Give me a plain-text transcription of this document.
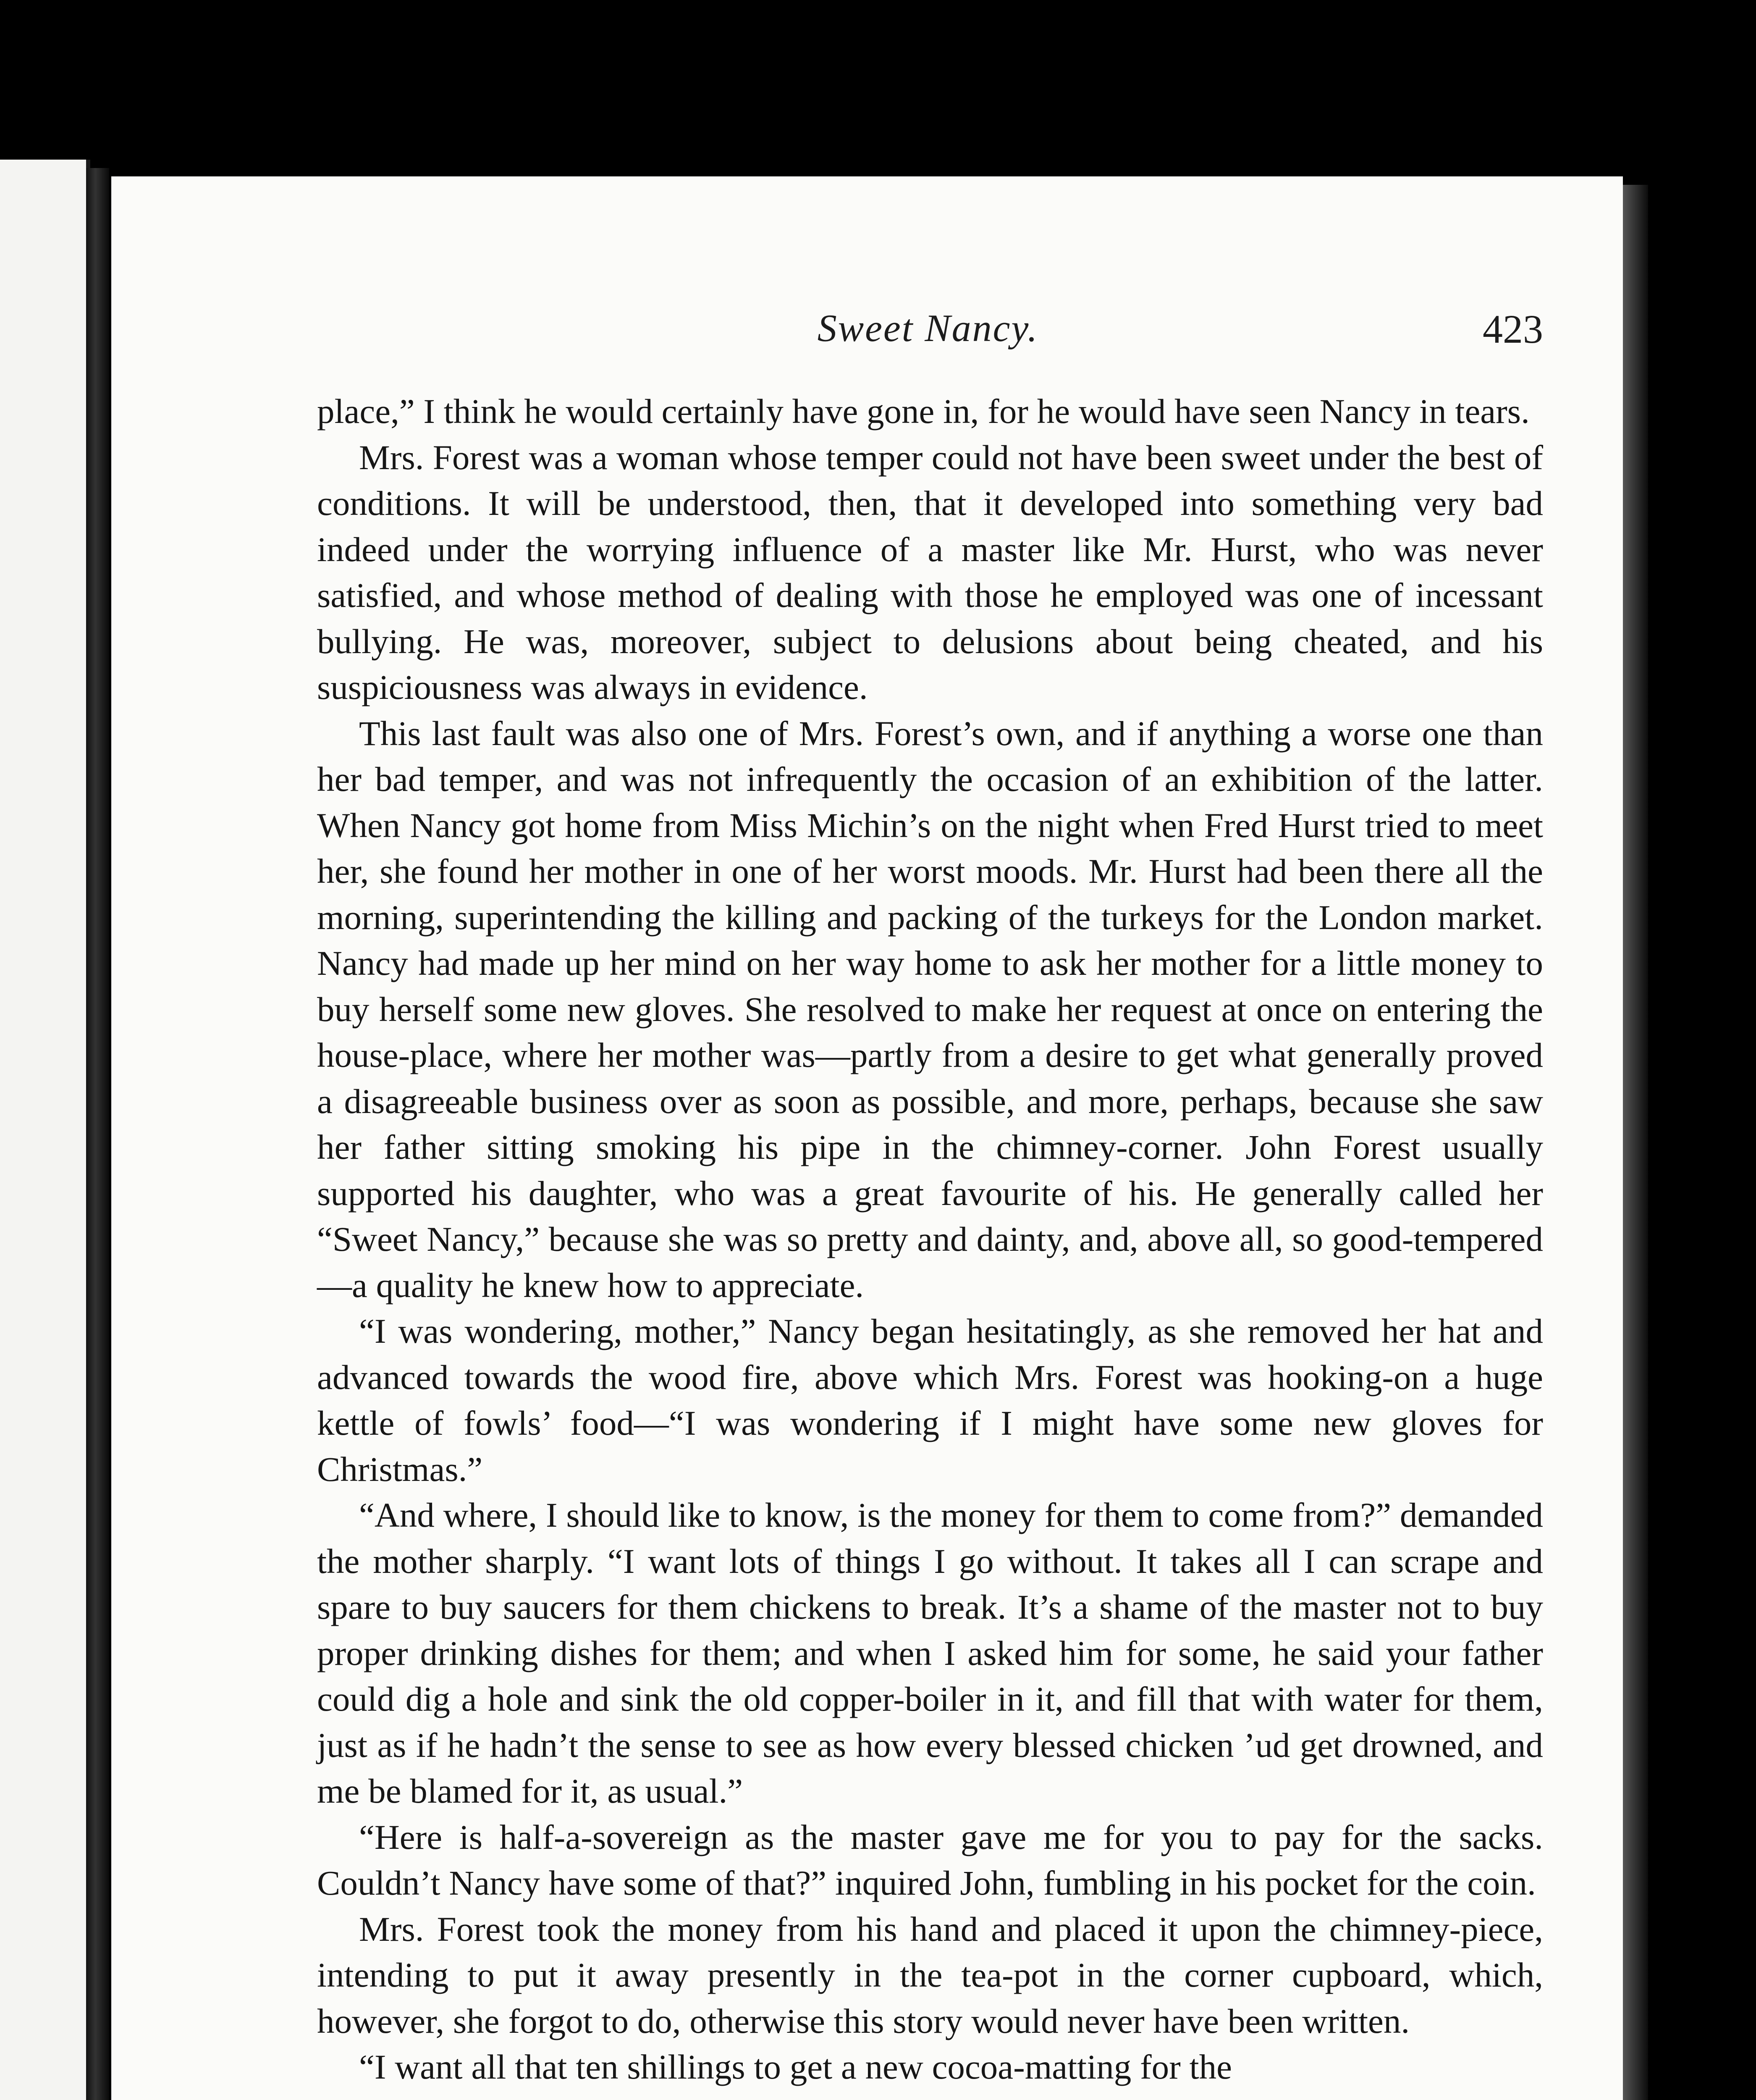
Sweet Nancy.	423

place,” I think he would certainly have gone in, for he would have seen Nancy in tears.

Mrs. Forest was a woman whose temper could not have been sweet under the best of conditions. It will be understood, then, that it developed into something very bad indeed under the worrying influence of a master like Mr. Hurst, who was never satisfied, and whose method of dealing with those he employed was one of incessant bullying. He was, moreover, subject to delusions about being cheated, and his suspiciousness was always in evidence.

This last fault was also one of Mrs. Forest’s own, and if anything a worse one than her bad temper, and was not infrequently the occasion of an exhibition of the latter. When Nancy got home from Miss Michin’s on the night when Fred Hurst tried to meet her, she found her mother in one of her worst moods. Mr. Hurst had been there all the morning, superintending the killing and packing of the turkeys for the London market. Nancy had made up her mind on her way home to ask her mother for a little money to buy herself some new gloves. She resolved to make her request at once on entering the house-place, where her mother was—partly from a desire to get what generally proved a disagreeable business over as soon as possible, and more, perhaps, because she saw her father sitting smoking his pipe in the chimney-corner. John Forest usually supported his daughter, who was a great favourite of his. He generally called her “Sweet Nancy,” because she was so pretty and dainty, and, above all, so good-tempered—a quality he knew how to appreciate.

“I was wondering, mother,” Nancy began hesitatingly, as she removed her hat and advanced towards the wood fire, above which Mrs. Forest was hooking-on a huge kettle of fowls’ food—“I was wondering if I might have some new gloves for Christmas.”

“And where, I should like to know, is the money for them to come from?” demanded the mother sharply. “I want lots of things I go without. It takes all I can scrape and spare to buy saucers for them chickens to break. It’s a shame of the master not to buy proper drinking dishes for them; and when I asked him for some, he said your father could dig a hole and sink the old copper-boiler in it, and fill that with water for them, just as if he hadn’t the sense to see as how every blessed chicken ’ud get drowned, and me be blamed for it, as usual.”

“Here is half-a-sovereign as the master gave me for you to pay for the sacks. Couldn’t Nancy have some of that?” inquired John, fumbling in his pocket for the coin.

Mrs. Forest took the money from his hand and placed it upon the chimney-piece, intending to put it away presently in the tea-pot in the corner cupboard, which, however, she forgot to do, otherwise this story would never have been written.

“I want all that ten shillings to get a new cocoa-matting for the
